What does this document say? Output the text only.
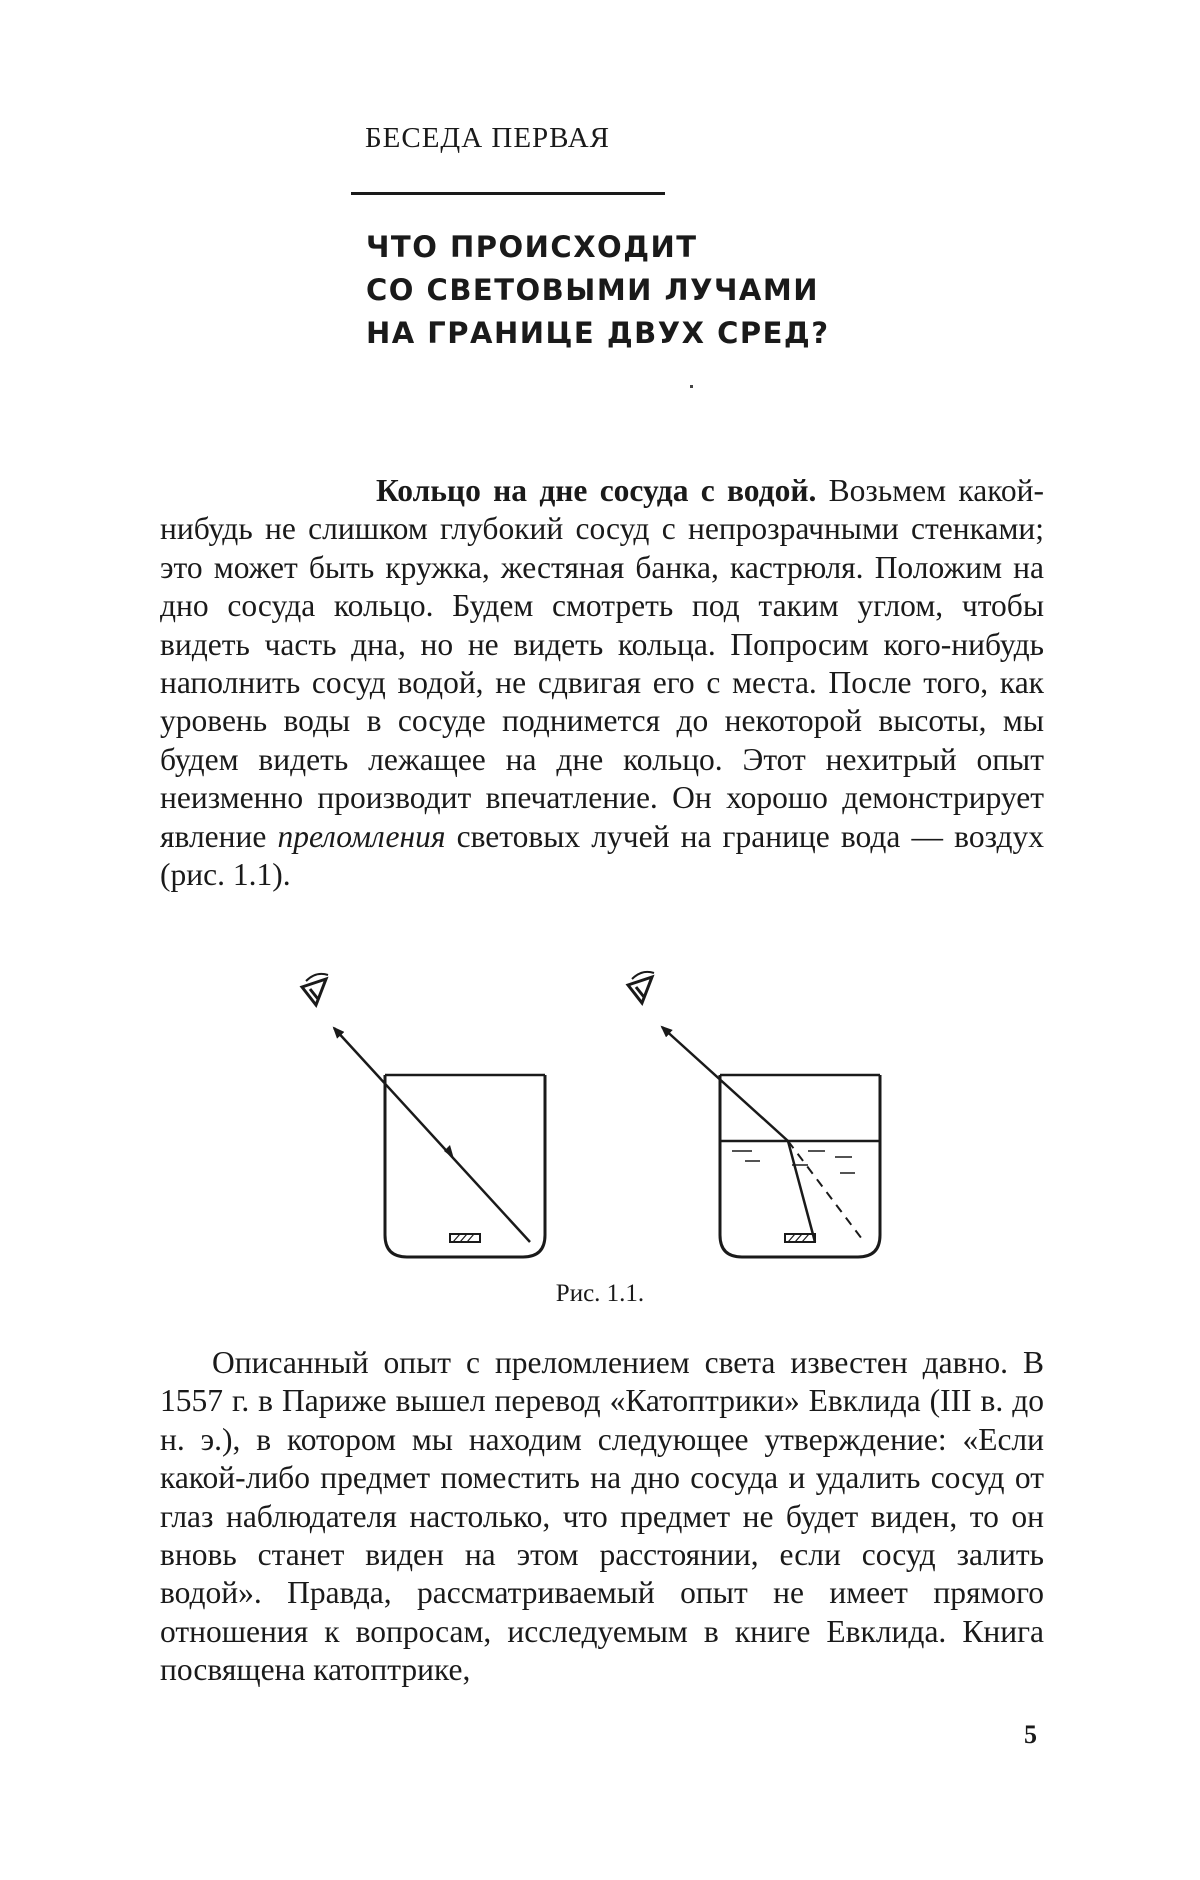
БЕСЕДА ПЕРВАЯ
ЧТО ПРОИСХОДИТ
СО СВЕТОВЫМИ ЛУЧАМИ
НА ГРАНИЦЕ ДВУХ СРЕД?

Кольцо на дне сосуда с водой. Возьмем какой-нибудь не слишком глубокий сосуд с непрозрачными стенками; это может быть кружка, жестяная банка, кастрюля. Положим на дно сосуда кольцо. Будем смотреть под таким углом, чтобы видеть часть дна, но не видеть кольца. Попросим кого-нибудь наполнить сосуд водой, не сдвигая его с места. После того, как уровень воды в сосуде поднимется до некоторой высоты, мы будем видеть лежащее на дне кольцо. Этот нехитрый опыт неизменно производит впечатление. Он хорошо демонстрирует явление преломления световых лучей на границе вода — воздух (рис. 1.1).

Рис. 1.1.

Описанный опыт с преломлением света известен давно. В 1557 г. в Париже вышел перевод «Катоптрики» Евклида (III в. до н. э.), в котором мы находим следующее утверждение: «Если какой-либо предмет поместить на дно сосуда и удалить сосуд от глаз наблюдателя настолько, что предмет не будет виден, то он вновь станет виден на этом расстоянии, если сосуд залить водой». Правда, рассматриваемый опыт не имеет прямого отношения к вопросам, исследуемым в книге Евклида. Книга посвящена катоптрике,

5
